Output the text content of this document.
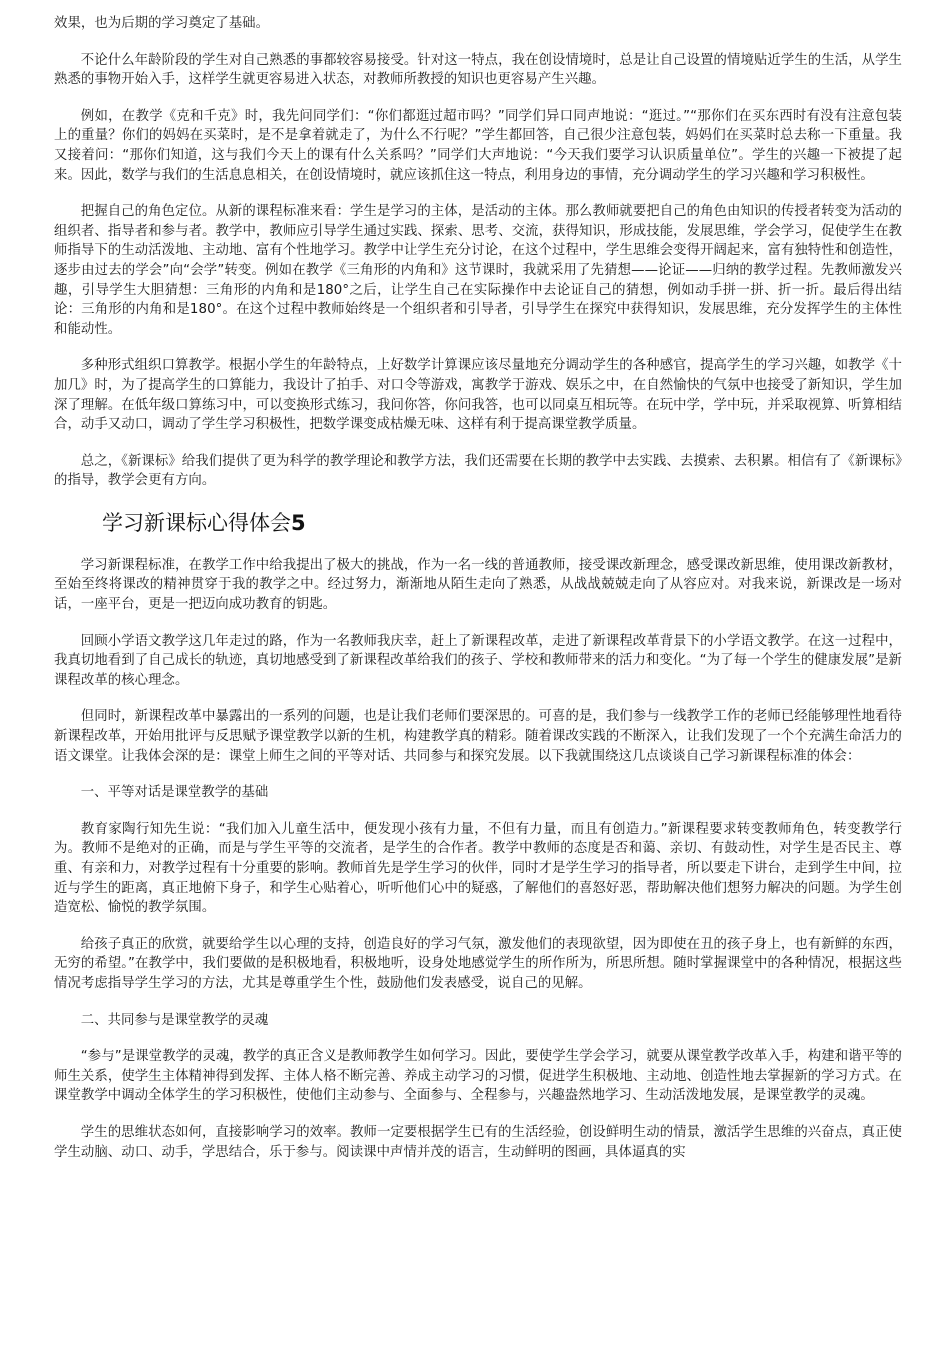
效果，也为后期的学习奠定了基础。

不论什么年龄阶段的学生对自己熟悉的事都较容易接受。针对这一特点，我在创设情境时，总是让自己设置的情境贴近学生的生活，从学生熟悉的事物开始入手，这样学生就更容易进入状态，对教师所教授的知识也更容易产生兴趣。

例如，在教学《克和千克》时，我先问同学们：“你们都逛过超市吗？”同学们异口同声地说：“逛过。”“那你们在买东西时有没有注意包装上的重量？你们的妈妈在买菜时，是不是拿着就走了，为什么不行呢？”学生都回答，自己很少注意包装，妈妈们在买菜时总去称一下重量。我又接着问：“那你们知道，这与我们今天上的课有什么关系吗？”同学们大声地说：“今天我们要学习认识质量单位”。学生的兴趣一下被提了起来。因此，数学与我们的生活息息相关，在创设情境时，就应该抓住这一特点，利用身边的事情，充分调动学生的学习兴趣和学习积极性。

把握自己的角色定位。从新的课程标准来看：学生是学习的主体，是活动的主体。那么教师就要把自己的角色由知识的传授者转变为活动的组织者、指导者和参与者。教学中，教师应引导学生通过实践、探索、思考、交流，获得知识，形成技能，发展思维，学会学习，促使学生在教师指导下的生动活泼地、主动地、富有个性地学习。教学中让学生充分讨论，在这个过程中，学生思维会变得开阔起来，富有独特性和创造性，逐步由过去的学会”向“会学”转变。例如在教学《三角形的内角和》这节课时，我就采用了先猜想——论证——归纳的教学过程。先教师激发兴趣，引导学生大胆猜想：三角形的内角和是180°之后，让学生自己在实际操作中去论证自己的猜想，例如动手拼一拼、折一折。最后得出结论：三角形的内角和是180°。在这个过程中教师始终是一个组织者和引导者，引导学生在探究中获得知识，发展思维，充分发挥学生的主体性和能动性。

多种形式组织口算教学。根据小学生的年龄特点，上好数学计算课应该尽量地充分调动学生的各种感官，提高学生的学习兴趣，如教学《十加几》时，为了提高学生的口算能力，我设计了拍手、对口令等游戏，寓教学于游戏、娱乐之中，在自然愉快的气氛中也接受了新知识，学生加深了理解。在低年级口算练习中，可以变换形式练习，我问你答，你问我答，也可以同桌互相玩等。在玩中学，学中玩，并采取视算、听算相结合，动手又动口，调动了学生学习积极性，把数学课变成枯燥无味、这样有利于提高课堂教学质量。

总之，《新课标》给我们提供了更为科学的教学理论和教学方法，我们还需要在长期的教学中去实践、去摸索、去积累。相信有了《新课标》的指导，教学会更有方向。

学习新课标心得体会5

学习新课程标准，在教学工作中给我提出了极大的挑战，作为一名一线的普通教师，接受课改新理念，感受课改新思维，使用课改新教材，至始至终将课改的精神贯穿于我的教学之中。经过努力，渐渐地从陌生走向了熟悉，从战战兢兢走向了从容应对。对我来说，新课改是一场对话，一座平台，更是一把迈向成功教育的钥匙。

回顾小学语文教学这几年走过的路，作为一名教师我庆幸，赶上了新课程改革，走进了新课程改革背景下的小学语文教学。在这一过程中，我真切地看到了自己成长的轨迹，真切地感受到了新课程改革给我们的孩子、学校和教师带来的活力和变化。“为了每一个学生的健康发展”是新课程改革的核心理念。

但同时，新课程改革中暴露出的一系列的问题，也是让我们老师们要深思的。可喜的是，我们参与一线教学工作的老师已经能够理性地看待新课程改革，开始用批评与反思赋予课堂教学以新的生机，构建教学真的精彩。随着课改实践的不断深入，让我们发现了一个个充满生命活力的语文课堂。让我体会深的是：课堂上师生之间的平等对话、共同参与和探究发展。以下我就围绕这几点谈谈自己学习新课程标准的体会：

一、平等对话是课堂教学的基础

教育家陶行知先生说：“我们加入儿童生活中，便发现小孩有力量，不但有力量，而且有创造力。”新课程要求转变教师角色，转变教学行为。教师不是绝对的正确，而是与学生平等的交流者，是学生的合作者。教学中教师的态度是否和蔼、亲切、有鼓动性，对学生是否民主、尊重、有亲和力，对教学过程有十分重要的影响。教师首先是学生学习的伙伴，同时才是学生学习的指导者，所以要走下讲台，走到学生中间，拉近与学生的距离，真正地俯下身子，和学生心贴着心，听听他们心中的疑惑，了解他们的喜怒好恶，帮助解决他们想努力解决的问题。为学生创造宽松、愉悦的教学氛围。

给孩子真正的欣赏，就要给学生以心理的支持，创造良好的学习气氛，激发他们的表现欲望，因为即使在丑的孩子身上，也有新鲜的东西，无穷的希望。”在教学中，我们要做的是积极地看，积极地听，设身处地感觉学生的所作所为，所思所想。随时掌握课堂中的各种情况，根据这些情况考虑指导学生学习的方法，尤其是尊重学生个性，鼓励他们发表感受，说自己的见解。

二、共同参与是课堂教学的灵魂

“参与”是课堂教学的灵魂，教学的真正含义是教师教学生如何学习。因此，要使学生学会学习，就要从课堂教学改革入手，构建和谐平等的师生关系，使学生主体精神得到发挥、主体人格不断完善、养成主动学习的习惯，促进学生积极地、主动地、创造性地去掌握新的学习方式。在课堂教学中调动全体学生的学习积极性，使他们主动参与、全面参与、全程参与，兴趣盎然地学习、生动活泼地发展，是课堂教学的灵魂。

学生的思维状态如何，直接影响学习的效率。教师一定要根据学生已有的生活经验，创设鲜明生动的情景，激活学生思维的兴奋点，真正使学生动脑、动口、动手，学思结合，乐于参与。阅读课中声情并茂的语言，生动鲜明的图画，具体逼真的实
